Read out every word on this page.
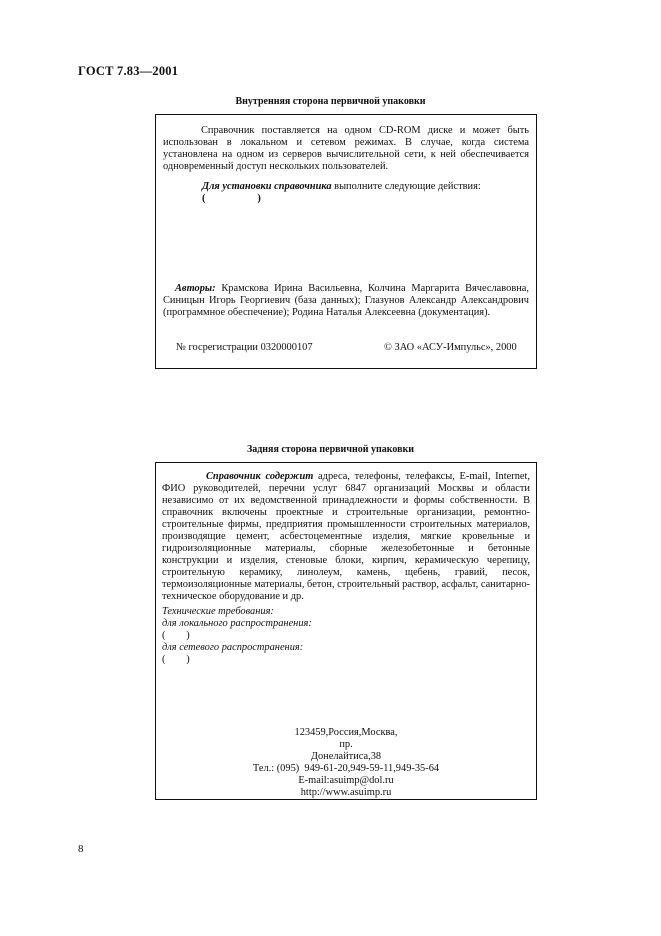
ГОСТ 7.83—2001
Внутренняя сторона первичной упаковки

Справочник поставляется на одном CD-ROM диске и может быть использован в локальном и сетевом режимах. В случае, когда система установлена на одном из серверов вычислительной сети, к ней обеспечивается одновременный доступ нескольких пользователей.

Для установки справочника выполните следующие действия:
(                    )

Авторы: Крамскова Ирина Васильевна, Колчина Маргарита Вячеславовна, Синицын Игорь Георгиевич (база данных); Глазунов Александр Александрович (программное обеспечение); Родина Наталья Алексеевна (документация).

№ госрегистрации 0320000107	© ЗАО «АСУ-Импульс», 2000
Задняя сторона первичной упаковки

Справочник содержит адреса, телефоны, телефаксы, E-mail, Internet, ФИО руководителей, перечни услуг 6847 организаций Москвы и области независимо от их ведомственной принадлежности и формы собственности. В справочник включены проектные и строительные организации, ремонтно-строительные фирмы, предприятия промышленности строительных материалов, производящие цемент, асбестоцементные изделия, мягкие кровельные и гидроизоляционные материалы, сборные железобетонные и бетонные конструкции и изделия, стеновые блоки, кирпич, керамическую черепицу, строительную керамику, линолеум, камень, щебень, гравий, песок, термоизоляционные материалы, бетон, строительный раствор, асфальт, санитарно-техническое оборудование и др.

Технические требования:
для локального распространения:
(        )
для сетевого распространения:
(        )
123459,Россия,Москва,
пр.
Донелайтиса,38
Тел.: (095)  949-61-20,949-59-11,949-35-64
E-mail:asuimp@dol.ru
http://www.asuimp.ru
8
